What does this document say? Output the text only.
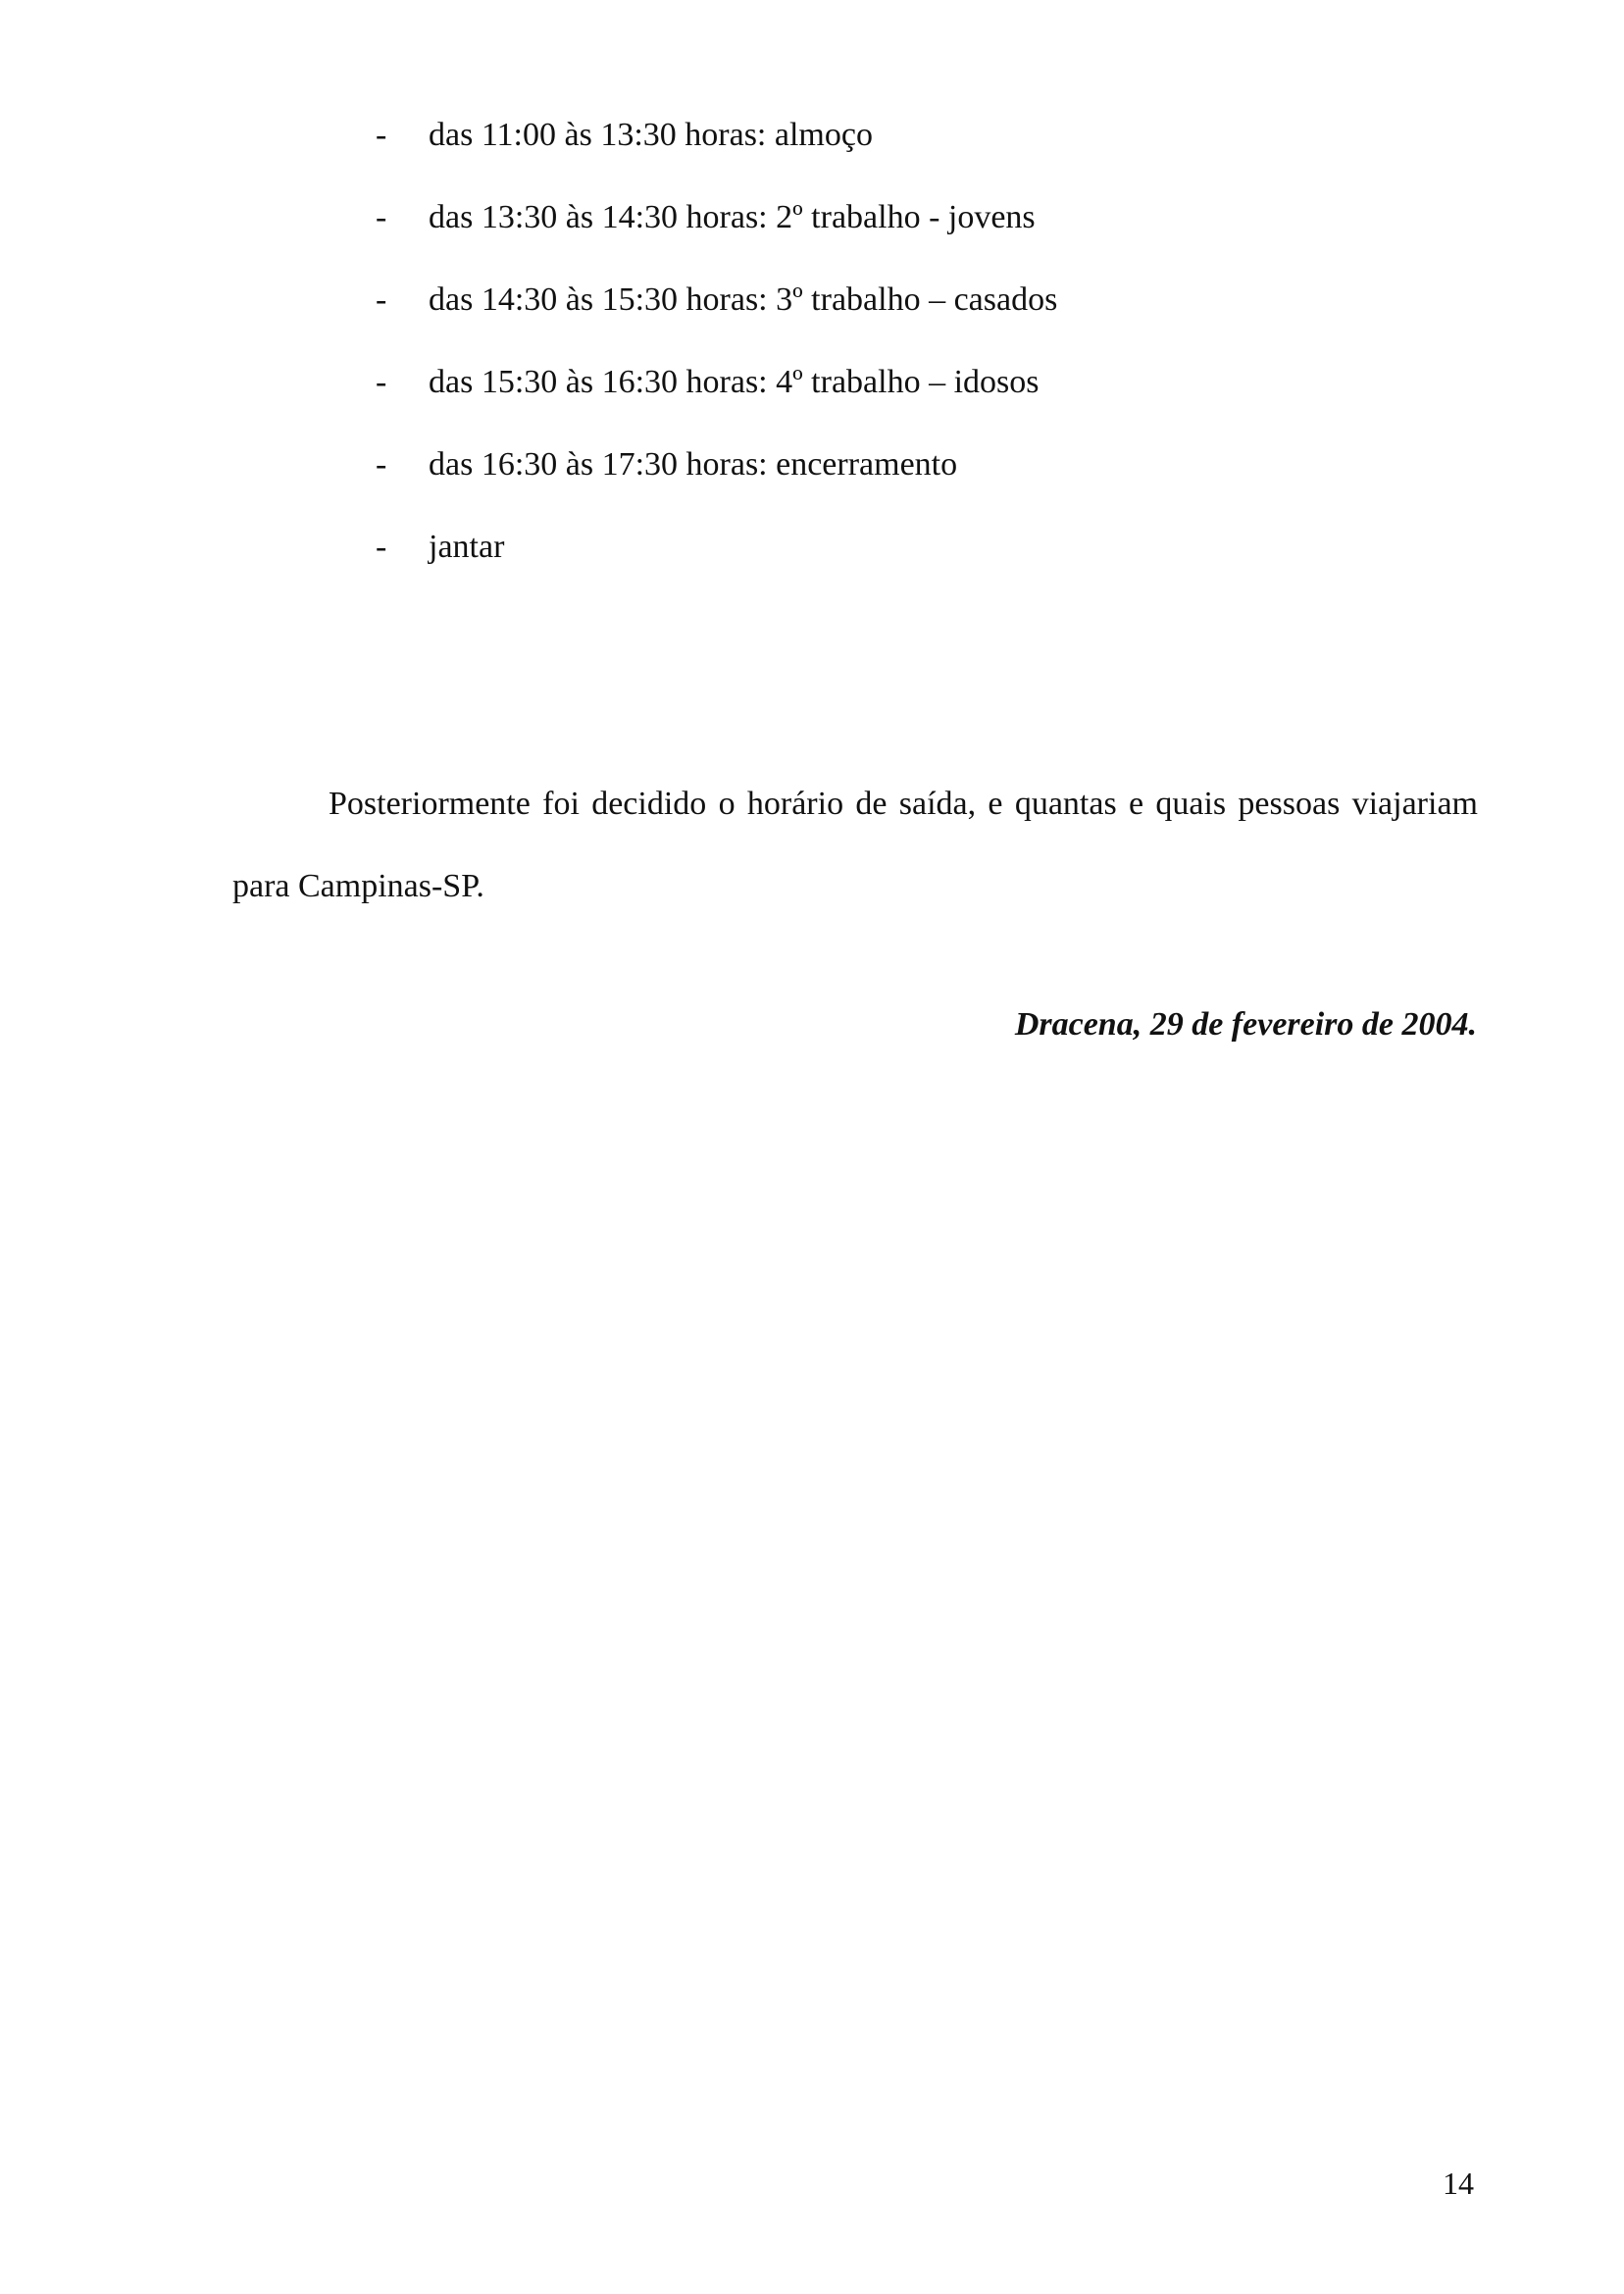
- das 11:00 às 13:30 horas: almoço
- das 13:30 às 14:30 horas: 2º trabalho - jovens
- das 14:30 às 15:30 horas: 3º trabalho – casados
- das 15:30 às 16:30 horas: 4º trabalho – idosos
- das 16:30 às 17:30 horas: encerramento
- jantar

Posteriormente foi decidido o horário de saída, e quantas e quais pessoas viajariam para Campinas-SP.

Dracena, 29 de fevereiro de 2004.

14
